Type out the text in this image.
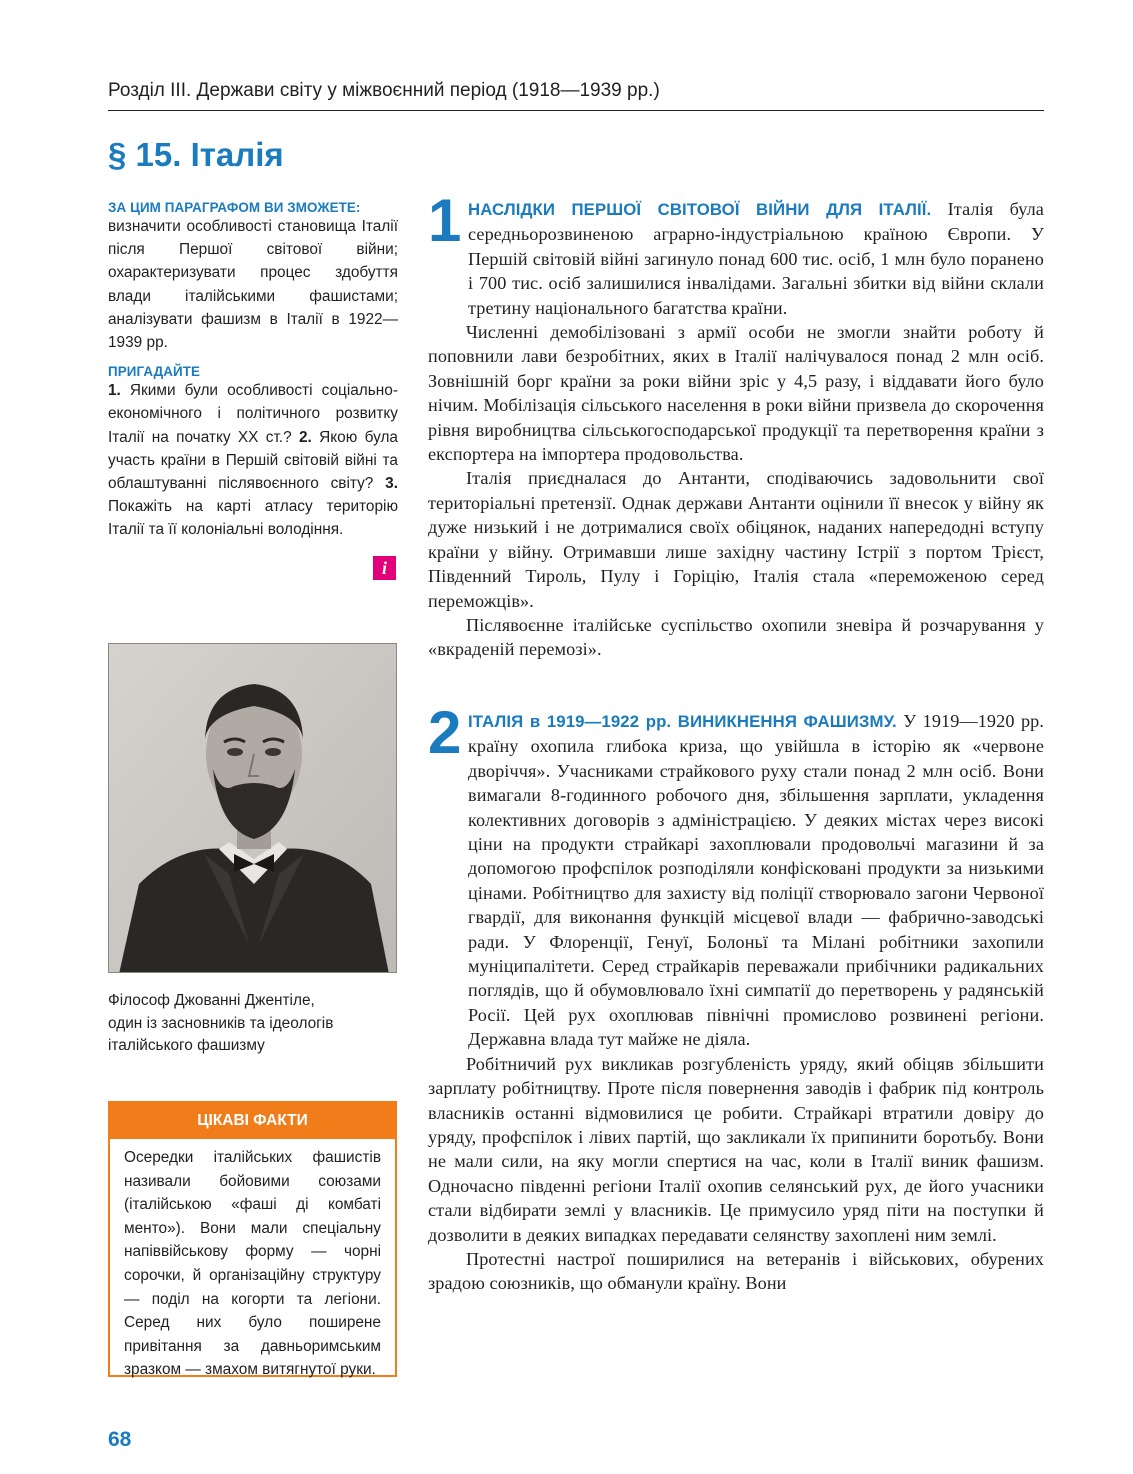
Розділ ІІІ. Держави світу у міжвоєнний період (1918—1939 рр.)
§ 15. Італія
ЗА ЦИМ ПАРАГРАФОМ ВИ ЗМОЖЕТЕ:
визначити особливості становища Італії після Першої світової війни; охарактеризувати процес здобуття влади італійськими фашистами; аналізувати фашизм в Італії в 1922—1939 рр.
ПРИГАДАЙТЕ
1. Якими були особливості соціально-економічного і політичного розвитку Італії на початку ХХ ст.? 2. Якою була участь країни в Першій світовій війні та облаштуванні післявоєнного світу? 3. Покажіть на карті атласу територію Італії та її колоніальні володіння.
i
Філософ Джованні Джентіле,
один із засновників та ідеологів
італійського фашизму
ЦІКАВІ ФАКТИ
Осередки італійських фашистів називали бойовими союзами (італійською «фаші ді комбаті менто»). Вони мали спеціальну напіввійськову форму — чорні сорочки, й організаційну структуру — поділ на когорти та легіони. Серед них було поширене привітання за давньоримським зразком — змахом витягнутої руки.
1 НАСЛІДКИ ПЕРШОЇ СВІТОВОЇ ВІЙНИ ДЛЯ ІТАЛІЇ. Італія була середньорозвиненою аграрно-індустріальною країною Європи. У Першій світовій війні загинуло понад 600 тис. осіб, 1 млн було поранено і 700 тис. осіб залишилися інвалідами. Загальні збитки від війни склали третину національного багатства країни.

Численні демобілізовані з армії особи не змогли знайти роботу й поповнили лави безробітних, яких в Італії налічувалося понад 2 млн осіб. Зовнішній борг країни за роки війни зріс у 4,5 разу, і віддавати його було нічим. Мобілізація сільського населення в роки війни призвела до скорочення рівня виробництва сільськогосподарської продукції та перетворення країни з експортера на імпортера продовольства.

Італія приєдналася до Антанти, сподіваючись задовольнити свої територіальні претензії. Однак держави Антанти оцінили її внесок у війну як дуже низький і не дотрималися своїх обіцянок, наданих напередодні вступу країни у війну. Отримавши лише західну частину Істрії з портом Трієст, Південний Тироль, Пулу і Горіцію, Італія стала «переможеною серед переможців».

Післявоєнне італійське суспільство охопили зневіра й розчарування у «вкраденій перемозі».

2 ІТАЛІЯ в 1919—1922 рр. ВИНИКНЕННЯ ФАШИЗМУ. У 1919—1920 рр. країну охопила глибока криза, що увійшла в історію як «червоне дворіччя». Учасниками страйкового руху стали понад 2 млн осіб. Вони вимагали 8-годинного робочого дня, збільшення зарплати, укладення колективних договорів з адміністрацією. У деяких містах через високі ціни на продукти страйкарі захоплювали продовольчі магазини й за допомогою профспілок розподіляли конфісковані продукти за низькими цінами. Робітництво для захисту від поліції створювало загони Червоної гвардії, для виконання функцій місцевої влади — фабрично-заводські ради. У Флоренції, Генуї, Болоньї та Мілані робітники захопили муніципалітети. Серед страйкарів переважали прибічники радикальних поглядів, що й обумовлювало їхні симпатії до перетворень у радянській Росії. Цей рух охоплював північні промислово розвинені регіони. Державна влада тут майже не діяла.

Робітничий рух викликав розгубленість уряду, який обіцяв збільшити зарплату робітництву. Проте після повернення заводів і фабрик під контроль власників останні відмовилися це робити. Страйкарі втратили довіру до уряду, профспілок і лівих партій, що закликали їх припинити боротьбу. Вони не мали сили, на яку могли спертися на час, коли в Італії виник фашизм. Одночасно південні регіони Італії охопив селянський рух, де його учасники стали відбирати землі у власників. Це примусило уряд піти на поступки й дозволити в деяких випадках передавати селянству захоплені ним землі.

Протестні настрої поширилися на ветеранів і військових, обурених зрадою союзників, що обманули країну. Вони

68
